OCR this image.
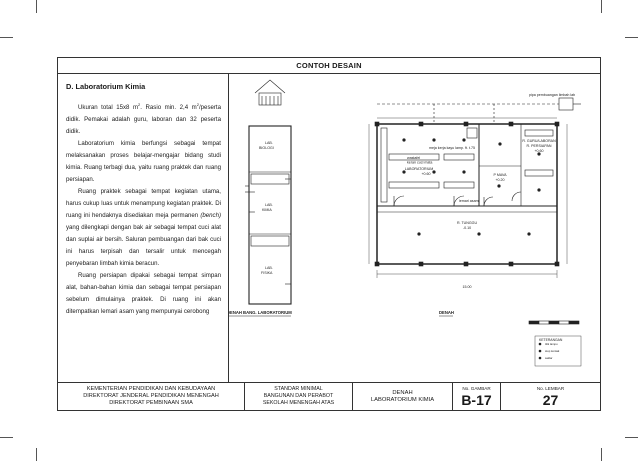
CONTOH DESAIN
D. Laboratorium Kimia

Ukuran total 15x8 $m^2$. Rasio min. 2,4 $m^2$/peserta didik. Pemakai adalah guru, laboran dan 32 peserta didik.

Laboratorium kimia berfungsi sebagai tempat melaksanakan proses belajar-mengajar bidang studi kimia. Ruang terbagi dua, yaitu ruang praktek dan ruang persiapan.

Ruang praktek sebagai tempat kegiatan utama, harus cukup luas untuk menampung kegiatan praktek. Di ruang ini hendaknya disediakan meja permanen (bench) yang dilengkapi dengan bak air sebagai tempat cuci alat dan suplai air bersih. Saluran pembuangan dari bak cuci ini harus terpisah dan tersalir untuk mencegah penyebaran limbah kimia beracun.

Ruang persiapan dipakai sebagai tempat simpan alat, bahan-bahan kimia dan sebagai tempat persiapan sebelum dimulainya praktek. Di ruang ini akan ditempatkan lemari asam yang mempunyai cerobong

LAB. BIOLOGI
LAB. KIMIA
LAB. FISIKA
LABORATORIUM +0.60
R. GURU/LABORAN R. PERSIAPAN +0.60
P MAVA +0.20
R. TUNGGU -0.10
pipa pembuangan limbah lab
meja kerja kayu lamp. ft. t.75
wastafel keran cuci mata
lemari asam
15.00
KETERANGAN
titik lampu
stop kontak
saklar
DENAH BANG. LABORATORIUM	DENAH
KEMENTERIAN PENDIDIKAN DAN KEBUDAYAAN
DIREKTORAT JENDERAL PENDIDIKAN MENENGAH
DIREKTORAT PEMBINAAN SMA
STANDAR MINIMAL
BANGUNAN DAN PERABOT
SEKOLAH MENENGAH ATAS
DENAH
LABORATORIUM KIMIA
No. GAMBAR
B-17
No. LEMBAR
27
